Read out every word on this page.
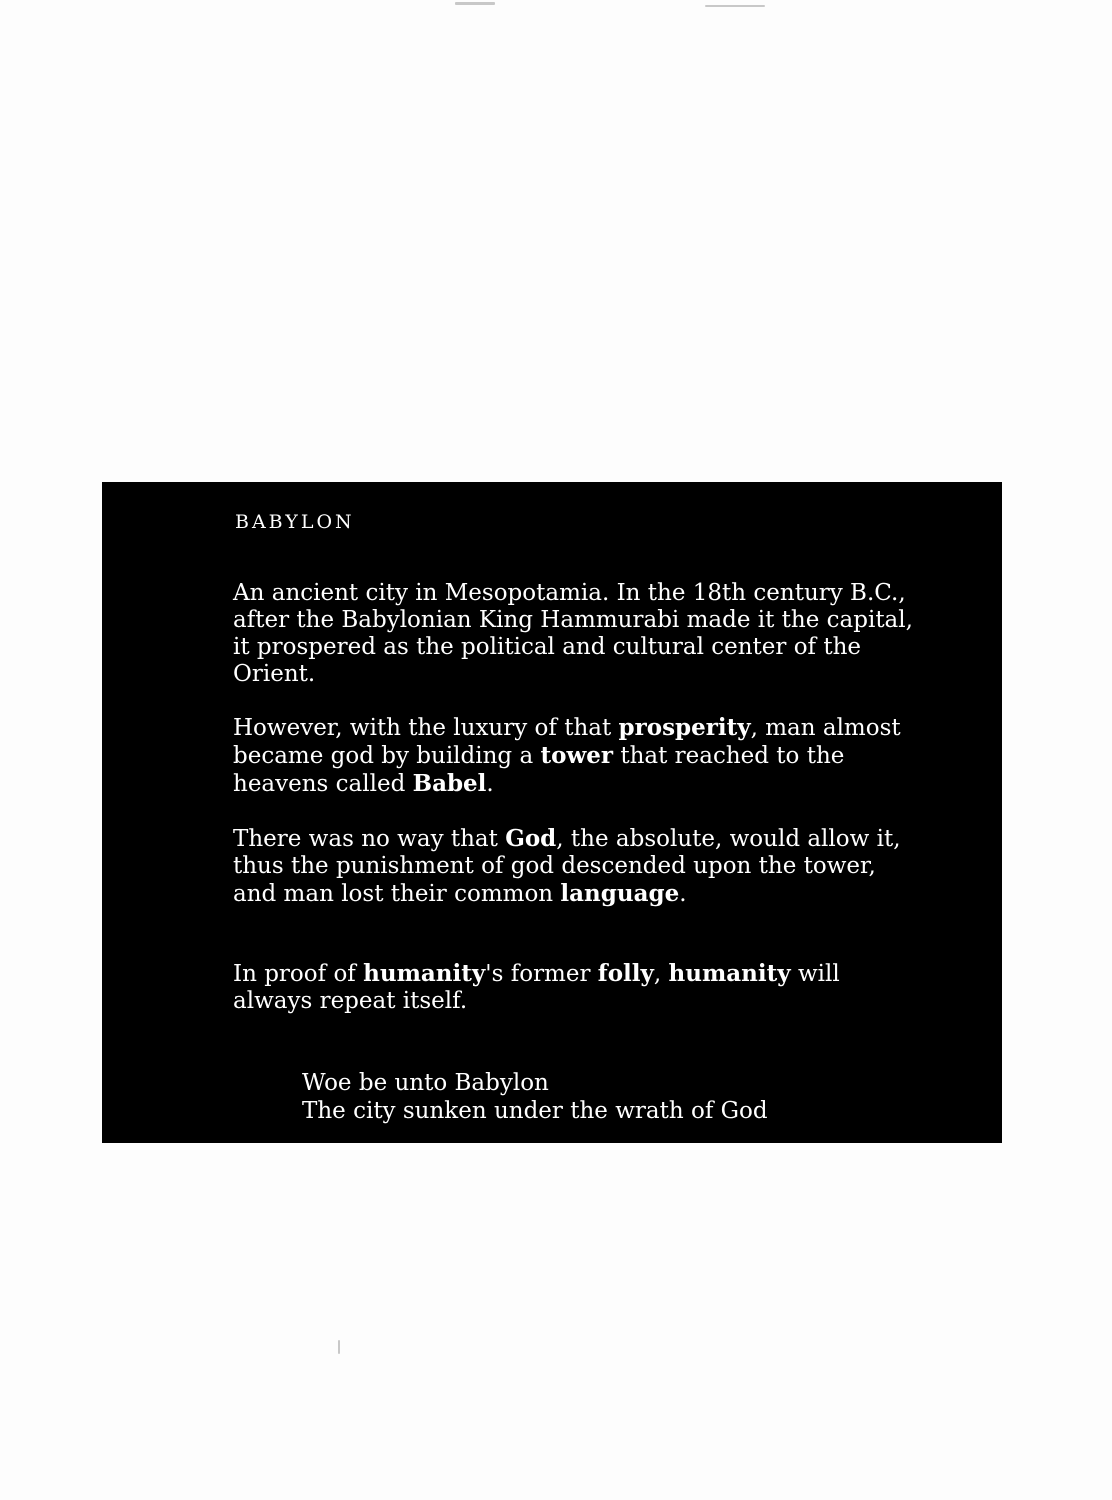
BABYLON

An ancient city in Mesopotamia. In the 18th century B.C., after the Babylonian King Hammurabi made it the capital, it prospered as the political and cultural center of the Orient.

However, with the luxury of that prosperity, man almost became god by building a tower that reached to the heavens called Babel.

There was no way that God, the absolute, would allow it, thus the punishment of god descended upon the tower, and man lost their common language.

In proof of humanity's former folly, humanity will always repeat itself.

Woe be unto Babylon
The city sunken under the wrath of God
